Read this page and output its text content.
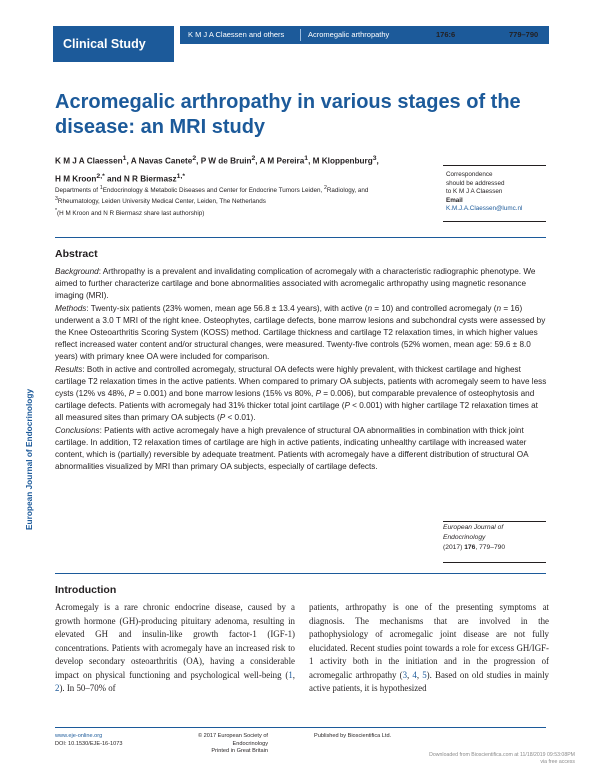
Clinical Study
K M J A Claessen and others	Acromegalic arthropathy	176:6	779–790
European Journal of Endocrinology
Acromegalic arthropathy in various stages of the disease: an MRI study
K M J A Claessen$^1$, A Navas Canete$^2$, P W de Bruin$^2$, A M Pereira$^1$, M Kloppenburg$^3$,
H M Kroon$^{2,*}$ and N R Biermasz$^{1,*}$
Departments of $^1$Endocrinology & Metabolic Diseases and Center for Endocrine Tumors Leiden, $^2$Radiology, and
$^3$Rheumatology, Leiden University Medical Center, Leiden, The Netherlands
*(H M Kroon and N R Biermasz share last authorship)
Correspondence
should be addressed
to K M J A Claessen
Email
K.M.J.A.Claessen@lumc.nl
Abstract

Background: Arthropathy is a prevalent and invalidating complication of acromegaly with a characteristic radiographic phenotype. We aimed to further characterize cartilage and bone abnormalities associated with acromegalic arthropathy using magnetic resonance imaging (MRI).

Methods: Twenty-six patients (23% women, mean age 56.8 ± 13.4 years), with active (n = 10) and controlled acromegaly (n = 16) underwent a 3.0 T MRI of the right knee. Osteophytes, cartilage defects, bone marrow lesions and subchondral cysts were assessed by the Knee Osteoarthritis Scoring System (KOSS) method. Cartilage thickness and cartilage T2 relaxation times, in which higher values reflect increased water content and/or structural changes, were measured. Twenty-five controls (52% women, mean age: 59.6 ± 8.0 years) with primary knee OA were included for comparison.

Results: Both in active and controlled acromegaly, structural OA defects were highly prevalent, with thickest cartilage and highest cartilage T2 relaxation times in the active patients. When compared to primary OA subjects, patients with acromegaly seem to have less cysts (12% vs 48%, P = 0.001) and bone marrow lesions (15% vs 80%, P = 0.006), but comparable prevalence of osteophytosis and cartilage defects. Patients with acromegaly had 31% thicker total joint cartilage (P < 0.001) with higher cartilage T2 relaxation times at all measured sites than primary OA subjects (P < 0.01).

Conclusions: Patients with active acromegaly have a high prevalence of structural OA abnormalities in combination with thick joint cartilage. In addition, T2 relaxation times of cartilage are high in active patients, indicating unhealthy cartilage with increased water content, which is (partially) reversible by adequate treatment. Patients with acromegaly have a different distribution of structural OA abnormalities visualized by MRI than primary OA subjects, especially of cartilage defects.

European Journal of Endocrinology
(2017) 176, 779–790
Introduction
Acromegaly is a rare chronic endocrine disease, caused by a growth hormone (GH)-producing pituitary adenoma, resulting in elevated GH and insulin-like growth factor-1 (IGF-1) concentrations. Patients with acromegaly have an increased risk to develop secondary osteoarthritis (OA), having a considerable impact on physical functioning and psychological well-being (1, 2). In 50–70% of
patients, arthropathy is one of the presenting symptoms at diagnosis. The mechanisms that are involved in the pathophysiology of acromegalic joint disease are not fully elucidated. Recent studies point towards a role for excess GH/IGF-1 activity both in the initiation and in the progression of acromegalic arthropathy (3, 4, 5). Based on old studies in mainly active patients, it is hypothesized
www.eje-online.org
DOI: 10.1530/EJE-16-1073
© 2017 European Society of Endocrinology
Printed in Great Britain
Published by Bioscientifica Ltd.
Downloaded from Bioscientifica.com at 11/18/2019 09:53:08PM
via free access
